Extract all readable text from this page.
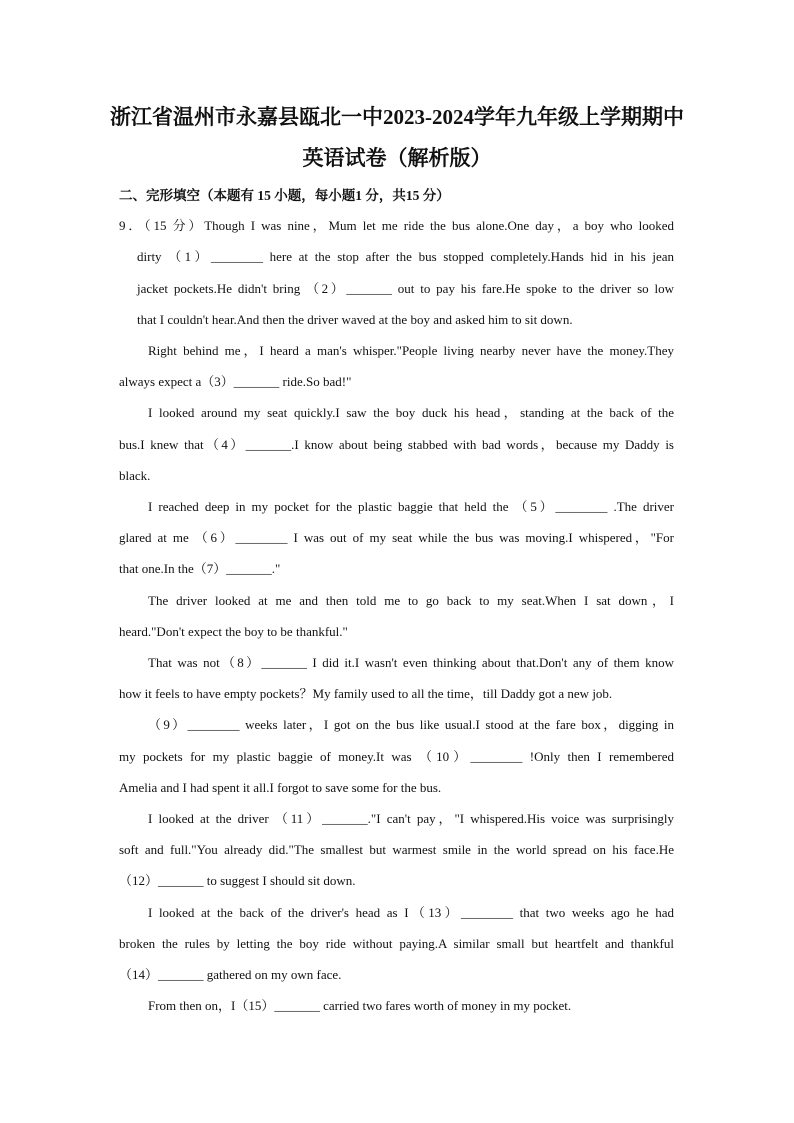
浙江省温州市永嘉县瓯北一中2023-2024学年九年级上学期期中
英语试卷（解析版）
二、完形填空（本题有 15 小题，每小题1 分，共15 分）
9．（15 分）Though I was nine，Mum let me ride the bus alone.One day，a boy who looked
dirty （1）________ here at the stop after the bus stopped completely.Hands hid in his jean
jacket pockets.He didn't bring （2）_______ out to pay his fare.He spoke to the driver so low
that I couldn't hear.And then the driver waved at the boy and asked him to sit down.
Right behind me，I heard a man's whisper."People living nearby never have the money.They
always expect a（3）_______ ride.So bad!"
I looked around my seat quickly.I saw the boy duck his head，standing at the back of the
bus.I knew that（4）_______.I know about being stabbed with bad words，because my Daddy is
black.
I reached deep in my pocket for the plastic baggie that held the （5）________ .The driver
glared at me （6）________ I was out of my seat while the bus was moving.I whispered，"For
that one.In the（7）_______."
The driver looked at me and then told me to go back to my seat.When I sat down，I
heard."Don't expect the boy to be thankful."
That was not（8）_______ I did it.I wasn't even thinking about that.Don't any of them know
how it feels to have empty pockets？My family used to all the time，till Daddy got a new job.
（9）________ weeks later，I got on the bus like usual.I stood at the fare box，digging in
my pockets for my plastic baggie of money.It was （10）________ !Only then I remembered
Amelia and I had spent it all.I forgot to save some for the bus.
I looked at the driver （11）_______."I can't pay，"I whispered.His voice was surprisingly
soft and full."You already did."The smallest but warmest smile in the world spread on his face.He
（12）_______ to suggest I should sit down.
I looked at the back of the driver's head as I（13）________ that two weeks ago he had
broken the rules by letting the boy ride without paying.A similar small but heartfelt and thankful
（14）_______ gathered on my own face.
From then on，I（15）_______ carried two fares worth of money in my pocket.
